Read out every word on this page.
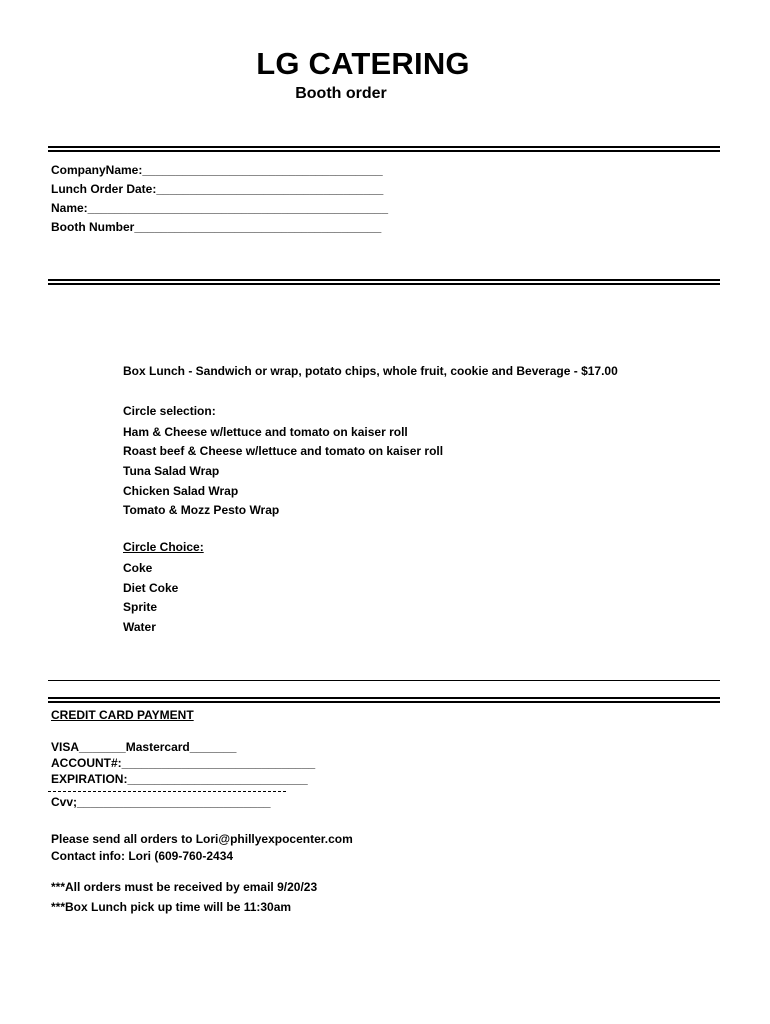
LG CATERING
Booth order
CompanyName:____________________________________
Lunch Order Date:__________________________________
Name:_____________________________________________
Booth Number_____________________________________
Box Lunch - Sandwich or wrap, potato chips, whole fruit, cookie and Beverage - $17.00
Circle selection:
Ham & Cheese w/lettuce and tomato on kaiser roll
Roast beef & Cheese w/lettuce and tomato on kaiser roll
Tuna Salad Wrap
Chicken Salad Wrap
Tomato & Mozz Pesto Wrap
Circle Choice:
Coke
Diet Coke
Sprite
Water
CREDIT CARD PAYMENT
VISA_______Mastercard_______
ACCOUNT#:_____________________________
EXPIRATION:___________________________
Cvv;_____________________________
Please send all orders to Lori@phillyexpocenter.com
Contact info: Lori (609-760-2434
***All orders must be received by email 9/20/23
***Box Lunch pick up time will be 11:30am
